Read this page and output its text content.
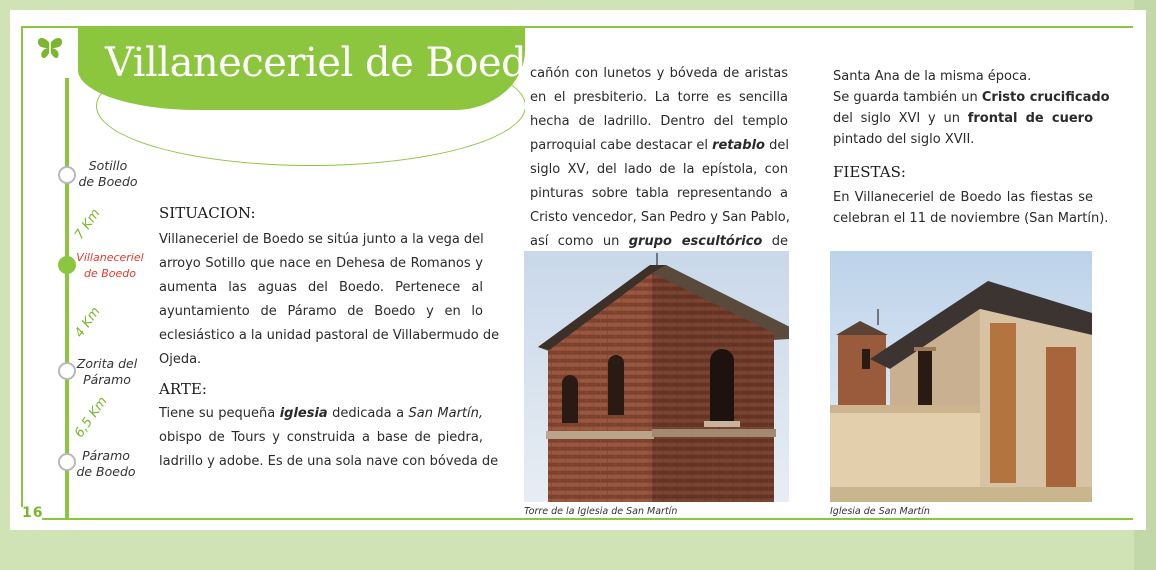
16
Villaneceriel de Boedo
Sotillo
de Boedo
7 Km
Villaneceriel
de Boedo
4 Km
Zorita del
Páramo
6,5 Km
Páramo
de Boedo
SITUACION:
Villaneceriel de Boedo se sitúa junto a la vega del
arroyo Sotillo que nace en Dehesa de Romanos y
aumenta las aguas del Boedo. Pertenece al
ayuntamiento de Páramo de Boedo y en lo
eclesiástico a la unidad pastoral de Villabermudo de
Ojeda.
ARTE:
Tiene su pequeña iglesia dedicada a San Martín,
obispo de Tours y construida a base de piedra,
ladrillo y adobe. Es de una sola nave con bóveda de
cañón con lunetos y bóveda de aristas
en el presbiterio. La torre es sencilla
hecha de ladrillo. Dentro del templo
parroquial cabe destacar el retablo del
siglo XV, del lado de la epístola, con
pinturas sobre tabla representando a
Cristo vencedor, San Pedro y San Pablo,
así como un grupo escultórico de
Santa Ana de la misma época.
Se guarda también un Cristo crucificado
del siglo XVI y un frontal de cuero
pintado del siglo XVII.
FIESTAS:
En Villaneceriel de Boedo las fiestas se
celebran el 11 de noviembre (San Martín).
Torre de la Iglesia de San Martín	Iglesia de San Martín
